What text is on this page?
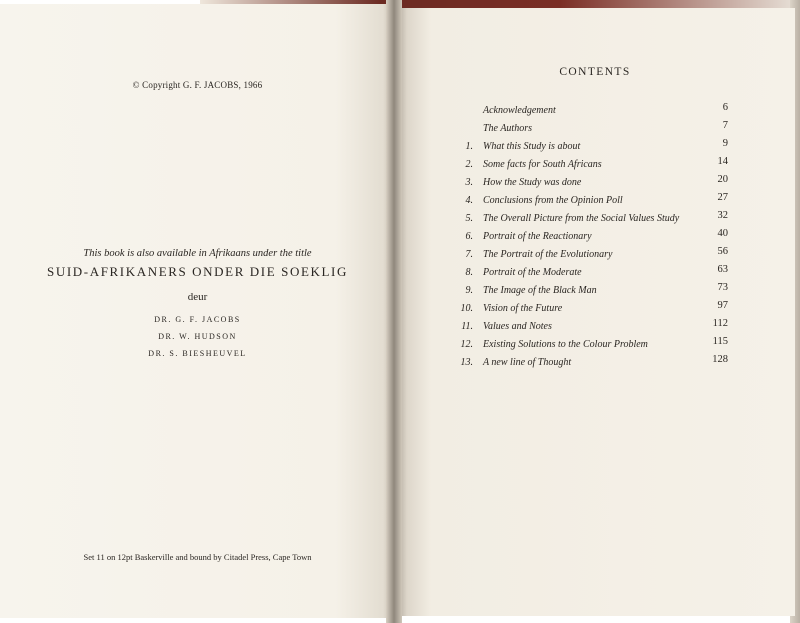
© Copyright G. F. JACOBS, 1966
This book is also available in Afrikaans under the title
SUID-AFRIKANERS ONDER DIE SOEKLIG
deur
DR. G. F. JACOBS
DR. W. HUDSON
DR. S. BIESHEUVEL
Set 11 on 12pt Baskerville and bound by Citadel Press, Cape Town
CONTENTS
Acknowledgement	6
The Authors	7
1. What this Study is about	9
2. Some facts for South Africans	14
3. How the Study was done	20
4. Conclusions from the Opinion Poll	27
5. The Overall Picture from the Social Values Study	32
6. Portrait of the Reactionary	40
7. The Portrait of the Evolutionary	56
8. Portrait of the Moderate	63
9. The Image of the Black Man	73
10. Vision of the Future	97
11. Values and Notes	112
12. Existing Solutions to the Colour Problem	115
13. A new line of Thought	128
